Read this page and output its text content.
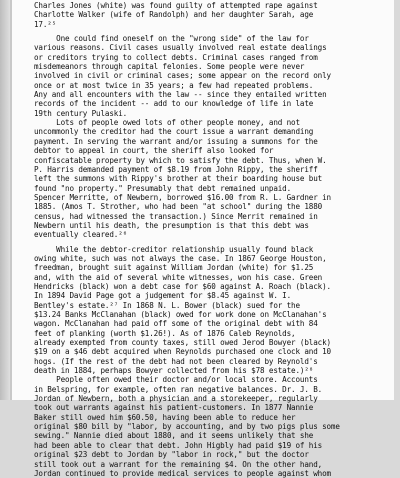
Charles Jones (white) was found guilty of attempted rape against
Charlotte Walker (wife of Randolph) and her daughter Sarah, age
17.²⁵
One could find oneself on the "wrong side" of the law for
various reasons. Civil cases usually involved real estate dealings
or creditors trying to collect debts. Criminal cases ranged from
misdemeanors through capital felonies. Some people were never
involved in civil or criminal cases; some appear on the record only
once or at most twice in 35 years; a few had repeated problems.
Any and all encounters with the law -- since they entailed written
records of the incident -- add to our knowledge of life in late
19th century Pulaski.
Lots of people owed lots of other people money, and not
uncommonly the creditor had the court issue a warrant demanding
payment. In serving the warrant and/or issuing a summons for the
debtor to appeal in court, the sheriff also looked for
confiscatable property by which to satisfy the debt. Thus, when W.
P. Harris demanded payment of $8.19 from John Rippy, the sheriff
left the summons with Rippy's brother at their boarding house but
found "no property." Presumably that debt remained unpaid.
Spencer Merritte, of Newbern, borrowed $16.00 from R. L. Gardner in
1885. (Amos T. Strother, who had been "at school" during the 1880
census, had witnessed the transaction.) Since Merrit remained in
Newbern until his death, the presumption is that this debt was
eventually cleared.²⁶
While the debtor-creditor relationship usually found black
owing white, such was not always the case. In 1867 George Houston,
freedman, brought suit against William Jordan (white) for $1.25
and, with the aid of several white witnesses, won his case. Green
Hendricks (black) won a debt case for $60 against A. Roach (black).
In 1894 David Page got a judgement for $8.45 against W. I.
Bentley's estate.²⁷ In 1868 N. L. Bower (black) sued for the
$13.24 Banks McClanahan (black) owed for work done on McClanahan's
wagon. McClanahan had paid off some of the original debt with 84
feet of planking (worth $1.26!). As of 1876 Caleb Reynolds,
already exempted from county taxes, still owed Jerod Bowyer (black)
$19 on a $46 debt acquired when Reynolds purchased one clock and 10
hogs. (If the rest of the debt had not been cleared by Reynold's
death in 1884, perhaps Bowyer collected from his $78 estate.)²⁸
People often owed their doctor and/or local store. Accounts
in Belspring, for example, often ran negative balances. Dr. J. B.
Jordan of Newbern, both a physician and a storekeeper, regularly
took out warrants against his patient-customers. In 1877 Nannie
Baker still owed him $60.50, having been able to reduce her
original $80 bill by "labor, by accounting, and by two pigs plus some
sewing." Nannie died about 1880, and it seems unlikely that she
had been able to clear that debt. John Higbly had paid $19 of his
original $23 debt to Jordan by "labor in rock," but the doctor
still took out a warrant for the remaining $4. On the other hand,
Jordan continued to provide medical services to people against whom
